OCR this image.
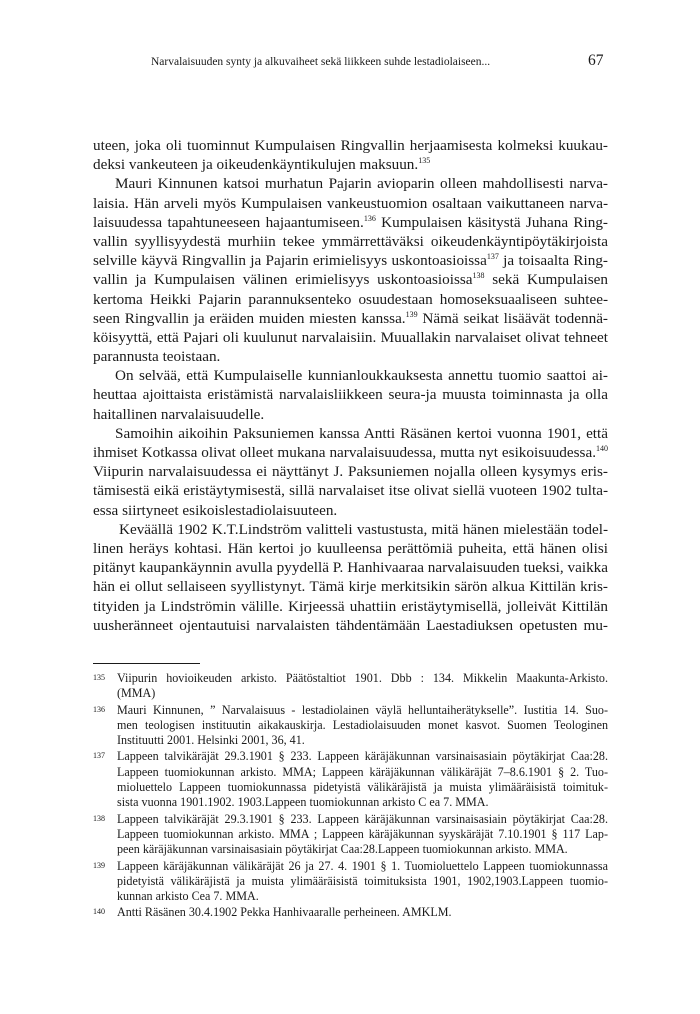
Narvalaisuuden synty ja alkuvaiheet sekä liikkeen suhde lestadiolaiseen...	67
uteen, joka oli tuominnut Kumpulaisen Ringvallin herjaamisesta kolmeksi kuukau-
deksi vankeuteen ja oikeudenkäyntikulujen maksuun.$^{135}$
Mauri Kinnunen katsoi murhatun Pajarin avioparin olleen mahdollisesti narva-
laisia. Hän arveli myös Kumpulaisen vankeustuomion osaltaan vaikuttaneen narva-
laisuudessa tapahtuneeseen hajaantumiseen.$^{136}$ Kumpulaisen käsitystä Juhana Ring-
vallin syyllisyydestä murhiin tekee ymmärrettäväksi oikeudenkäyntipöytäkirjoista
selville käyvä Ringvallin ja Pajarin erimielisyys uskontoasioissa$^{137}$ ja toisaalta Ring-
vallin ja Kumpulaisen välinen erimielisyys uskontoasioissa$^{138}$ sekä Kumpulaisen
kertoma Heikki Pajarin parannuksenteko osuudestaan homoseksuaaliseen suhtee-
seen Ringvallin ja eräiden muiden miesten kanssa.$^{139}$ Nämä seikat lisäävät todennä-
köisyyttä, että Pajari oli kuulunut narvalaisiin. Muuallakin narvalaiset olivat tehneet
parannusta teoistaan.
On selvää, että Kumpulaiselle kunnianloukkauksesta annettu tuomio saattoi ai-
heuttaa ajoittaista eristämistä narvalaisliikkeen seura-ja muusta toiminnasta ja olla
haitallinen narvalaisuudelle.
Samoihin aikoihin Paksuniemen kanssa Antti Räsänen kertoi vuonna 1901, että
ihmiset Kotkassa olivat olleet mukana narvalaisuudessa, mutta nyt esikoisuudessa.$^{140}$
Viipurin narvalaisuudessa ei näyttänyt J. Paksuniemen nojalla olleen kysymys eris-
tämisestä eikä eristäytymisestä, sillä narvalaiset itse olivat siellä vuoteen 1902 tulta-
essa siirtyneet esikoislestadiolaisuuteen.
Keväällä 1902 K.T.Lindström valitteli vastustusta, mitä hänen mielestään todel-
linen heräys kohtasi. Hän kertoi jo kuulleensa perättömiä puheita, että hänen olisi
pitänyt kaupankäynnin avulla pyydellä P. Hanhivaaraa narvalaisuuden tueksi, vaikka
hän ei ollut sellaiseen syyllistynyt. Tämä kirje merkitsikin särön alkua Kittilän kris-
tityiden ja Lindströmin välille. Kirjeessä uhattiin eristäytymisellä, jolleivät Kittilän
uusheränneet ojentautuisi narvalaisten tähdentämään Laestadiuksen opetusten mu-
135 Viipurin hovioikeuden arkisto. Päätöstaltiot 1901. Dbb : 134. Mikkelin Maakunta-Arkisto.
(MMA)
136 Mauri Kinnunen, ” Narvalaisuus - lestadiolainen väylä helluntaiherätykselle”. Iustitia 14. Suo-
men teologisen instituutin aikakauskirja. Lestadiolaisuuden monet kasvot. Suomen Teologinen
Instituutti 2001. Helsinki 2001, 36, 41.
137 Lappeen talvikäräjät 29.3.1901 § 233. Lappeen käräjäkunnan varsinaisasiain pöytäkirjat Caa:28.
Lappeen tuomiokunnan arkisto. MMA; Lappeen käräjäkunnan välikäräjät 7–8.6.1901 § 2. Tuo-
mioluettelo Lappeen tuomiokunnassa pidetyistä välikäräjistä ja muista ylimääräisistä toimituk-
sista vuonna 1901.1902. 1903.Lappeen tuomiokunnan arkisto C ea 7. MMA.
138 Lappeen talvikäräjät 29.3.1901 § 233. Lappeen käräjäkunnan varsinaisasiain pöytäkirjat Caa:28.
Lappeen tuomiokunnan arkisto. MMA ; Lappeen käräjäkunnan syyskäräjät 7.10.1901 § 117 Lap-
peen käräjäkunnan varsinaisasiain pöytäkirjat Caa:28.Lappeen tuomiokunnan arkisto. MMA.
139 Lappeen käräjäkunnan välikäräjät 26 ja 27. 4. 1901 § 1. Tuomioluettelo Lappeen tuomiokunnassa
pidetyistä välikäräjistä ja muista ylimääräisistä toimituksista 1901, 1902,1903.Lappeen tuomio-
kunnan arkisto Cea 7. MMA.
140 Antti Räsänen 30.4.1902 Pekka Hanhivaaralle perheineen. AMKLM.
